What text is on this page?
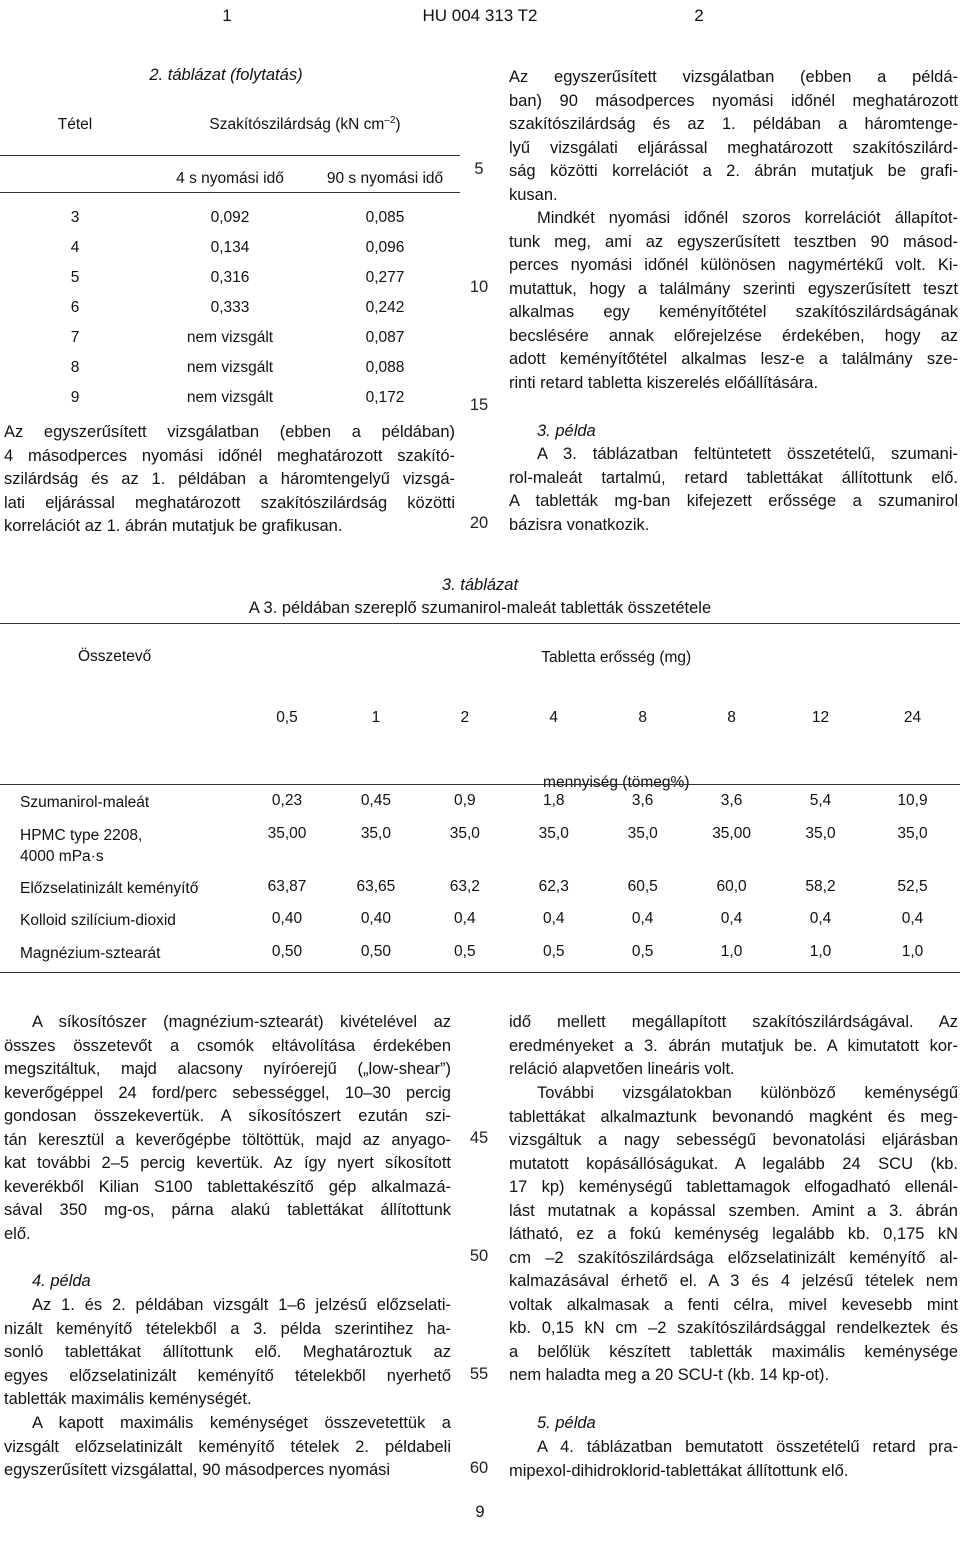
1	HU 004 313 T2	2
2. táblázat (folytatás)
Tétel	Szakítószilárdság (kN $cm^{-2}$)	
	4 s nyomási idő	90 s nyomási idő
3	0,092	0,085
4	0,134	0,096
5	0,316	0,277
6	0,333	0,242
7	nem vizsgált	0,087
8	nem vizsgált	0,088
9	nem vizsgált	0,172
Az egyszerűsített vizsgálatban (ebben a példában)
4 másodperces nyomási időnél meghatározott szakító-
szilárdság és az 1. példában a háromtengelyű vizsgá-
lati eljárással meghatározott szakítószilárdság közötti
korrelációt az 1. ábrán mutatjuk be grafikusan.
5
10
15
20
Az egyszerűsített vizsgálatban (ebben a példá-
ban) 90 másodperces nyomási időnél meghatározott
szakítószilárdság és az 1. példában a háromtenge-
lyű vizsgálati eljárással meghatározott szakítószilárd-
ság közötti korrelációt a 2. ábrán mutatjuk be grafi-
kusan.
Mindkét nyomási időnél szoros korrelációt állapítot-
tunk meg, ami az egyszerűsített tesztben 90 másod-
perces nyomási időnél különösen nagymértékű volt. Ki-
mutattuk, hogy a találmány szerinti egyszerűsített teszt
alkalmas egy keményítőtétel szakítószilárdságának
becslésére annak előrejelzése érdekében, hogy az
adott keményítőtétel alkalmas lesz-e a találmány sze-
rinti retard tabletta kiszerelés előállítására.
3. példa
A 3. táblázatban feltüntetett összetételű, szumani-
rol-maleát tartalmú, retard tablettákat állítottunk elő.
A tabletták mg-ban kifejezett erőssége a szumanirol
bázisra vonatkozik.
3. táblázat
A 3. példában szereplő szumanirol-maleát tabletták összetétele
Összetevő	Tabletta erősség (mg)							
	0,5	1	2	4	8	8	12	24
	mennyiség (tömeg%)							
Szumanirol-maleát	0,23	0,45	0,9	1,8	3,6	3,6	5,4	10,9

HPMC type 2208,
4000 mPa·s	35,00	35,0	35,0	35,0	35,0	35,00	35,0	35,0

Előzselatinizált keményítő	63,87	63,65	63,2	62,3	60,5	60,0	58,2	52,5

Kolloid szilícium-dioxid	0,40	0,40	0,4	0,4	0,4	0,4	0,4	0,4

Magnézium-sztearát	0,50	0,50	0,5	0,5	0,5	1,0	1,0	1,0
A síkosítószer (magnézium-sztearát) kivételével az
összes összetevőt a csomók eltávolítása érdekében
megszitáltuk, majd alacsony nyíróerejű („low-shear”)
keverőgéppel 24 ford/perc sebességgel, 10–30 percig
gondosan összekevertük. A síkosítószert ezután szi-
tán keresztül a keverőgépbe töltöttük, majd az anyago-
kat további 2–5 percig kevertük. Az így nyert síkosított
keverékből Kilian S100 tablettakészítő gép alkalmazá-
sával 350 mg-os, párna alakú tablettákat állítottunk
elő.
4. példa
Az 1. és 2. példában vizsgált 1–6 jelzésű előzselati-
nizált keményítő tételekből a 3. példa szerintihez ha-
sonló tablettákat állítottunk elő. Meghatároztuk az
egyes előzselatinizált keményítő tételekből nyerhető
tabletták maximális keménységét.
A kapott maximális keménységet összevetettük a
vizsgált előzselatinizált keményítő tételek 2. példabeli
egyszerűsített vizsgálattal, 90 másodperces nyomási
45
50
55
60
idő mellett megállapított szakítószilárdságával. Az
eredményeket a 3. ábrán mutatjuk be. A kimutatott kor-
reláció alapvetően lineáris volt.
További vizsgálatokban különböző keménységű
tablettákat alkalmaztunk bevonandó magként és meg-
vizsgáltuk a nagy sebességű bevonatolási eljárásban
mutatott kopásállóságukat. A legalább 24 SCU (kb.
17 kp) keménységű tablettamagok elfogadható ellenál-
lást mutatnak a kopással szemben. Amint a 3. ábrán
látható, ez a fokú keménység legalább kb. 0,175 kN
cm –2 szakítószilárdsága előzselatinizált keményítő al-
kalmazásával érhető el. A 3 és 4 jelzésű tételek nem
voltak alkalmasak a fenti célra, mivel kevesebb mint
kb. 0,15 kN cm –2 szakítószilárdsággal rendelkeztek és
a belőlük készített tabletták maximális keménysége
nem haladta meg a 20 SCU-t (kb. 14 kp-ot).
5. példa
A 4. táblázatban bemutatott összetételű retard pra-
mipexol-dihidroklorid-tablettákat állítottunk elő.
9
